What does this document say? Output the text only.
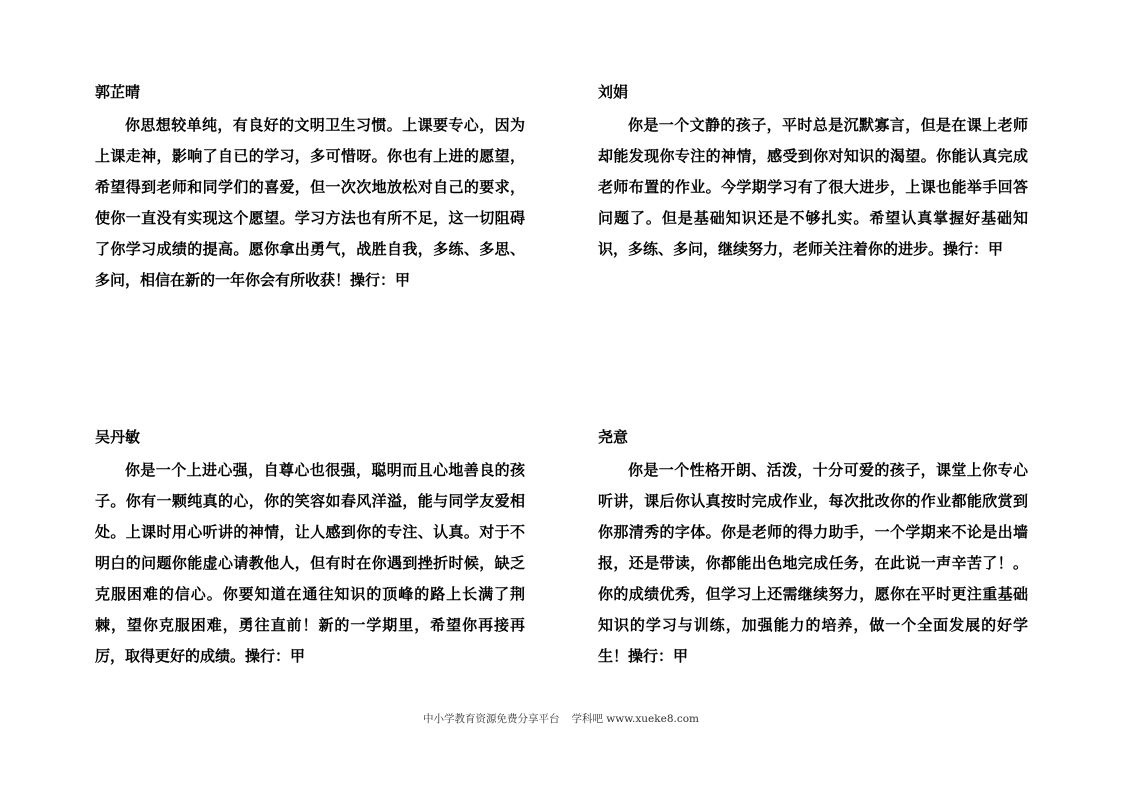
郭芷晴

你思想较单纯，有良好的文明卫生习惯。上课要专心，因为上课走神，影响了自已的学习，多可惜呀。你也有上进的愿望，希望得到老师和同学们的喜爱，但一次次地放松对自己的要求，使你一直没有实现这个愿望。学习方法也有所不足，这一切阻碍了你学习成绩的提高。愿你拿出勇气，战胜自我，多练、多思、多问，相信在新的一年你会有所收获！操行：甲

刘娟

你是一个文静的孩子，平时总是沉默寡言，但是在课上老师却能发现你专注的神情，感受到你对知识的渴望。你能认真完成老师布置的作业。今学期学习有了很大进步，上课也能举手回答问题了。但是基础知识还是不够扎实。希望认真掌握好基础知识，多练、多问，继续努力，老师关注着你的进步。操行：甲

吴丹敏

你是一个上进心强，自尊心也很强，聪明而且心地善良的孩子。你有一颗纯真的心，你的笑容如春风洋溢，能与同学友爱相处。上课时用心听讲的神情，让人感到你的专注、认真。对于不明白的问题你能虚心请教他人，但有时在你遇到挫折时候，缺乏克服困难的信心。你要知道在通往知识的顶峰的路上长满了荆棘，望你克服困难，勇往直前！新的一学期里，希望你再接再厉，取得更好的成绩。操行：甲

尧意

你是一个性格开朗、活泼，十分可爱的孩子，课堂上你专心听讲，课后你认真按时完成作业，每次批改你的作业都能欣赏到你那清秀的字体。你是老师的得力助手，一个学期来不论是出墙报，还是带读，你都能出色地完成任务，在此说一声辛苦了！。你的成绩优秀，但学习上还需继续努力，愿你在平时更注重基础知识的学习与训练，加强能力的培养，做一个全面发展的好学生！操行：甲

中小学教育资源免费分享平台 学科吧 www.xueke8.com
